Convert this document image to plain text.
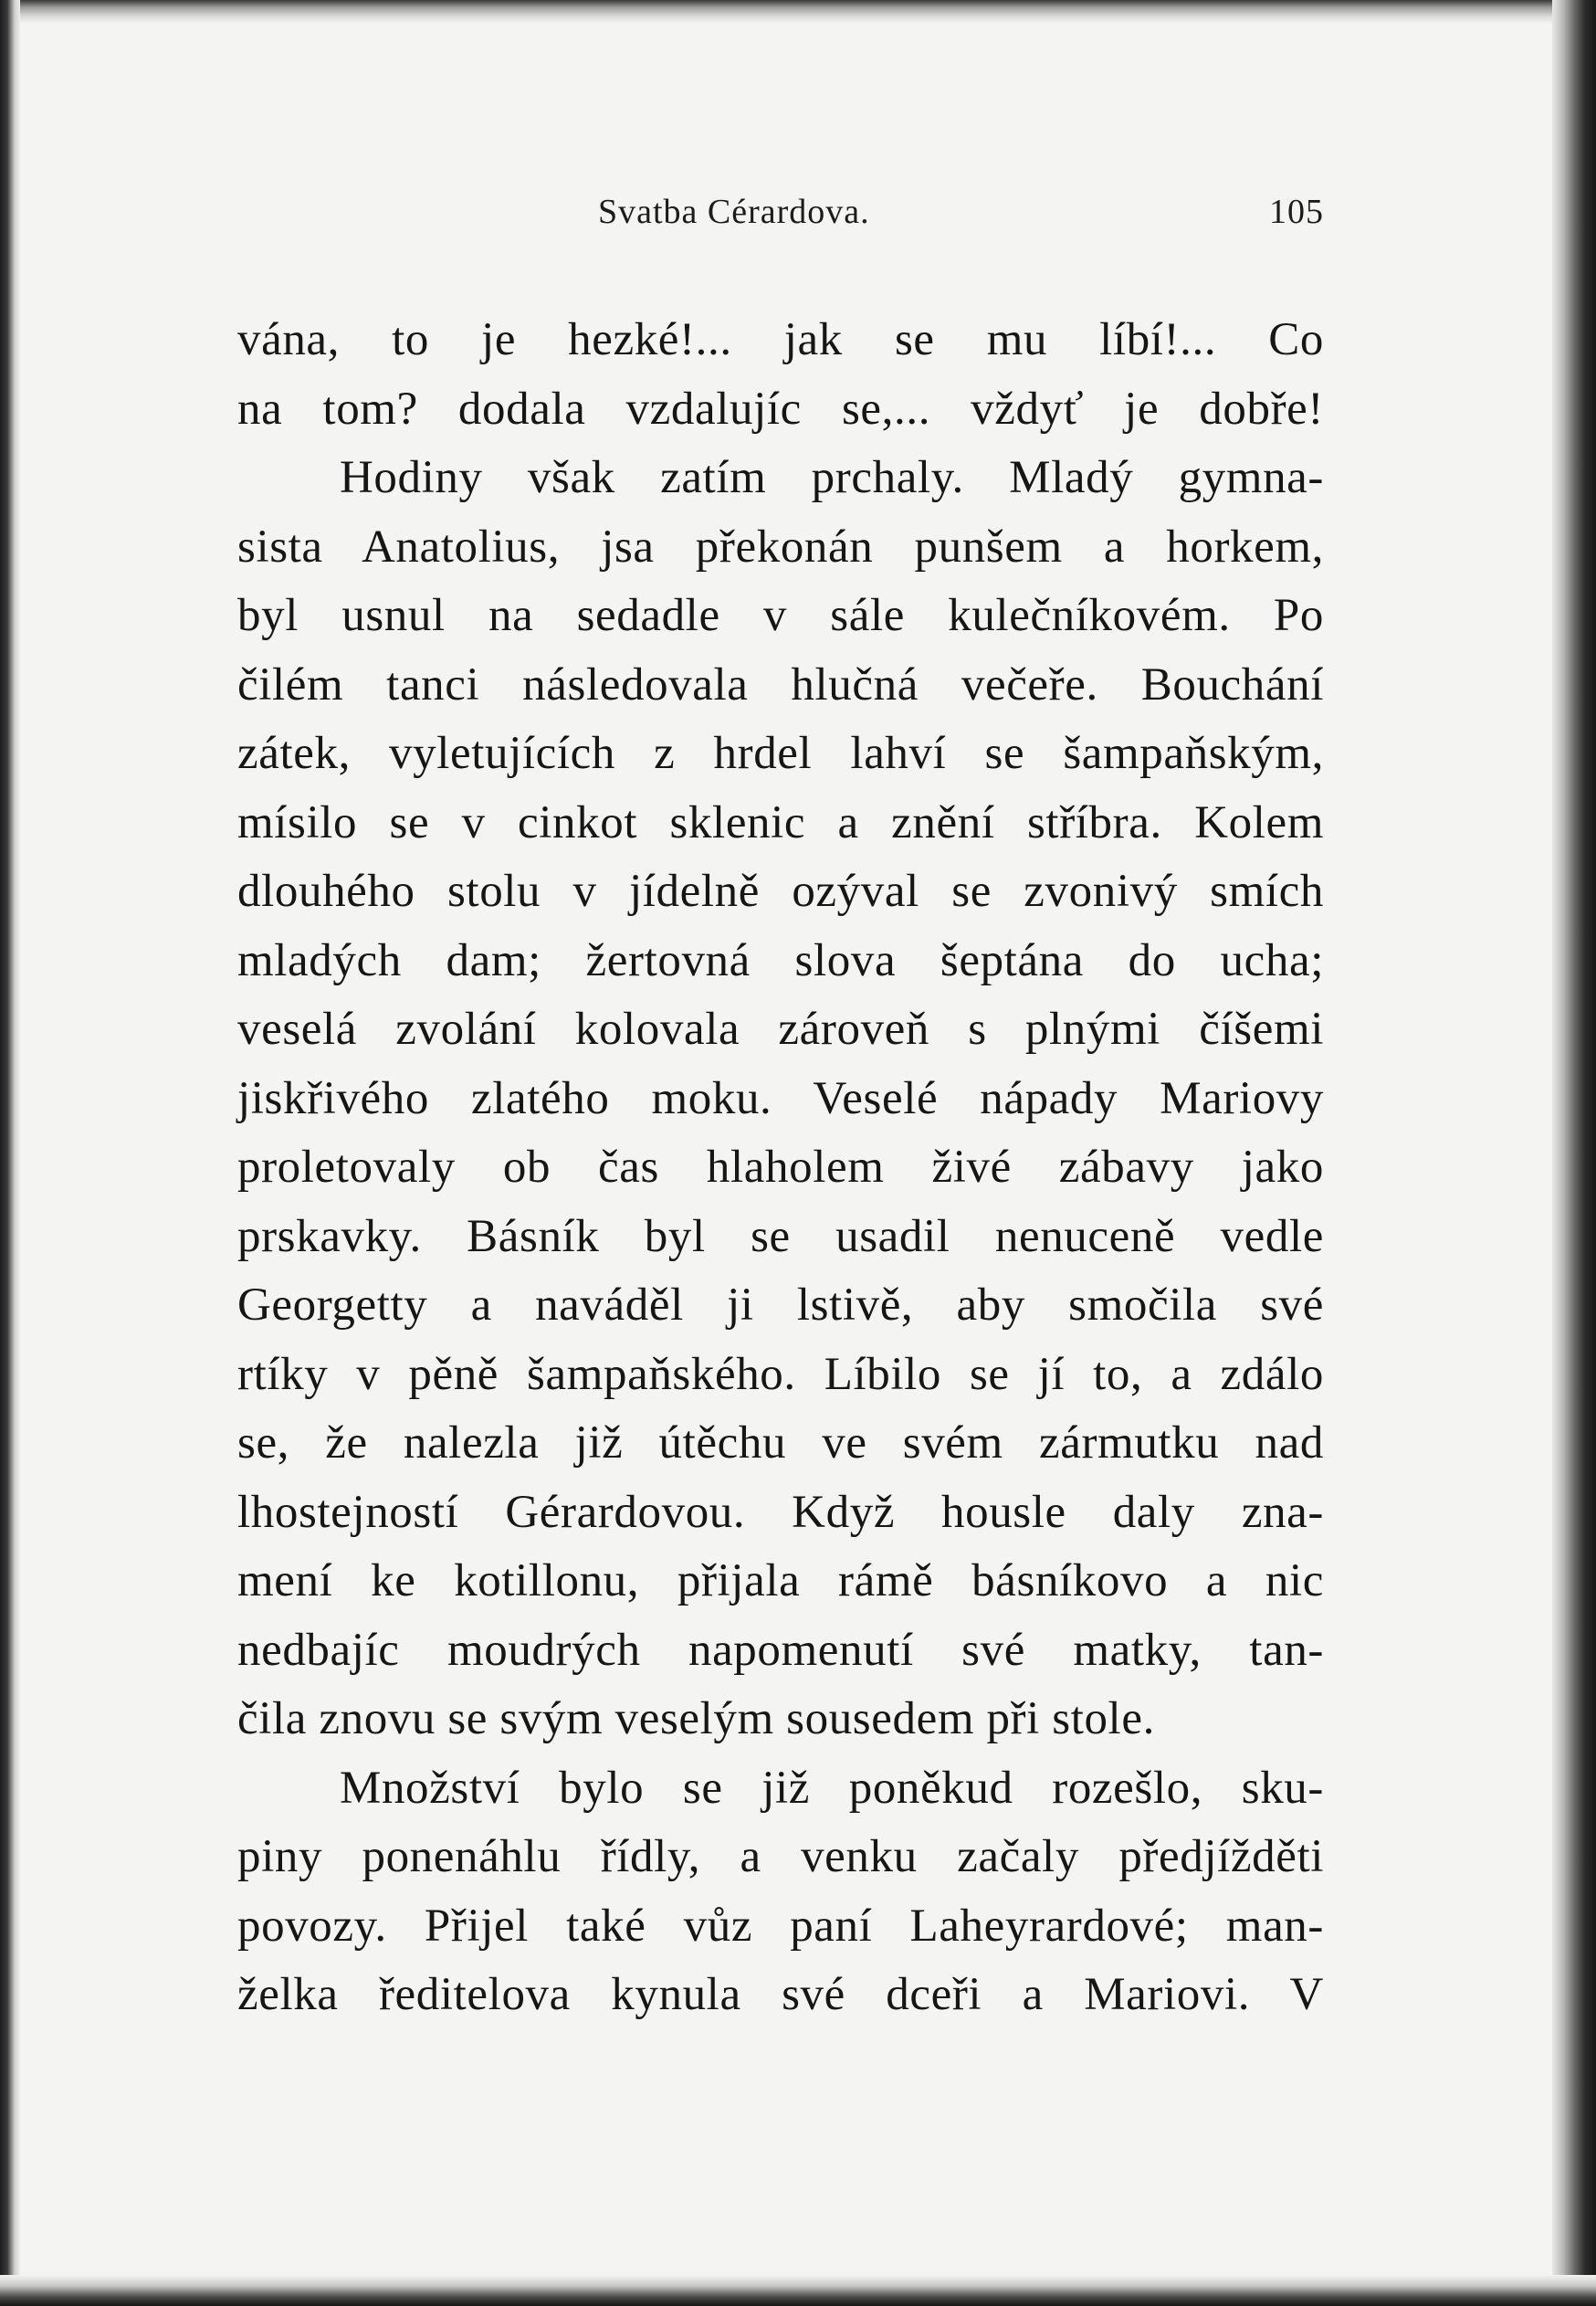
Svatba Cérardova.	105
vána, to je hezké!... jak se mu líbí!... Co
na tom? dodala vzdalujíc se,... vždyť je dobře!
Hodiny však zatím prchaly. Mladý gymna-
sista Anatolius, jsa překonán punšem a horkem,
byl usnul na sedadle v sále kulečníkovém. Po
čilém tanci následovala hlučná večeře. Bouchání
zátek, vyletujících z hrdel lahví se šampaňským,
mísilo se v cinkot sklenic a znění stříbra. Kolem
dlouhého stolu v jídelně ozýval se zvonivý smích
mladých dam; žertovná slova šeptána do ucha;
veselá zvolání kolovala zároveň s plnými číšemi
jiskřivého zlatého moku. Veselé nápady Mariovy
proletovaly ob čas hlaholem živé zábavy jako
prskavky. Básník byl se usadil nenuceně vedle
Georgetty a naváděl ji lstivě, aby smočila své
rtíky v pěně šampaňského. Líbilo se jí to, a zdálo
se, že nalezla již útěchu ve svém zármutku nad
lhostejností Gérardovou. Když housle daly zna-
mení ke kotillonu, přijala rámě básníkovo a nic
nedbajíc moudrých napomenutí své matky, tan-
čila znovu se svým veselým sousedem při stole.
Množství bylo se již poněkud rozešlo, sku-
piny ponenáhlu řídly, a venku začaly předjížděti
povozy. Přijel také vůz paní Laheyrardové; man-
želka ředitelova kynula své dceři a Mariovi. V
